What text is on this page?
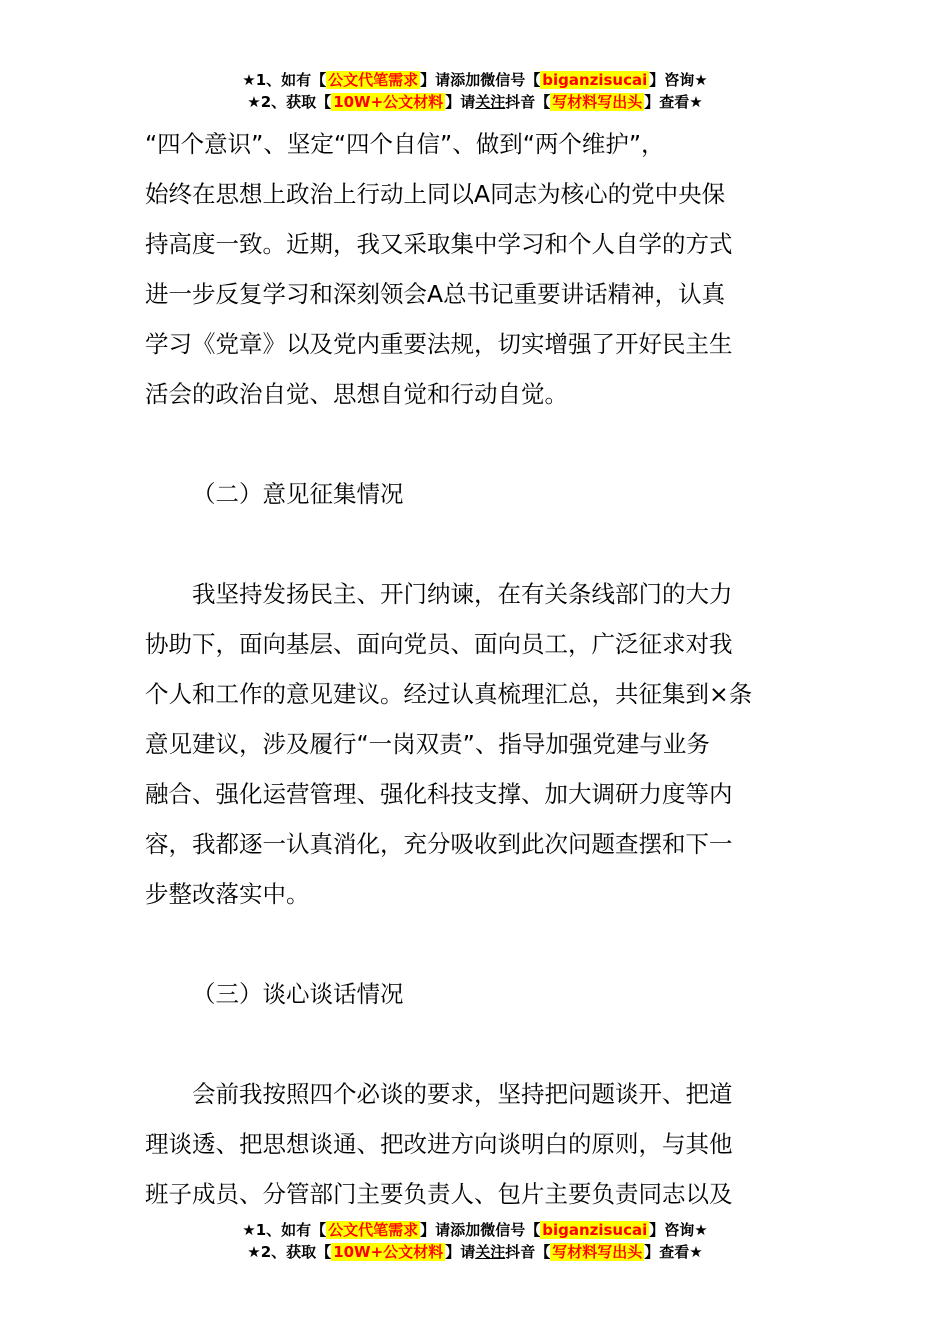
★1、如有【 公文代笔需求 】请添加微信号【 biganzisucai 】咨询★
★2、获取【 10W+公文材料 】请关注抖音【 写材料写出头 】查看★
“四个意识”、坚定“四个自信”、做到“两个维护”，
始终在思想上政治上行动上同以A同志为核心的党中央保
持高度一致。近期，我又采取集中学习和个人自学的方式
进一步反复学习和深刻领会A总书记重要讲话精神，认真
学习《党章》以及党内重要法规，切实增强了开好民主生
活会的政治自觉、思想自觉和行动自觉。
（二）意见征集情况
我坚持发扬民主、开门纳谏，在有关条线部门的大力
协助下，面向基层、面向党员、面向员工，广泛征求对我
个人和工作的意见建议。经过认真梳理汇总，共征集到×条
意见建议，涉及履行“一岗双责”、指导加强党建与业务
融合、强化运营管理、强化科技支撑、加大调研力度等内
容，我都逐一认真消化，充分吸收到此次问题查摆和下一
步整改落实中。
（三）谈心谈话情况
会前我按照四个必谈的要求，坚持把问题谈开、把道
理谈透、把思想谈通、把改进方向谈明白的原则，与其他
班子成员、分管部门主要负责人、包片主要负责同志以及
★1、如有【 公文代笔需求 】请添加微信号【 biganzisucai 】咨询★
★2、获取【 10W+公文材料 】请关注抖音【 写材料写出头 】查看★
